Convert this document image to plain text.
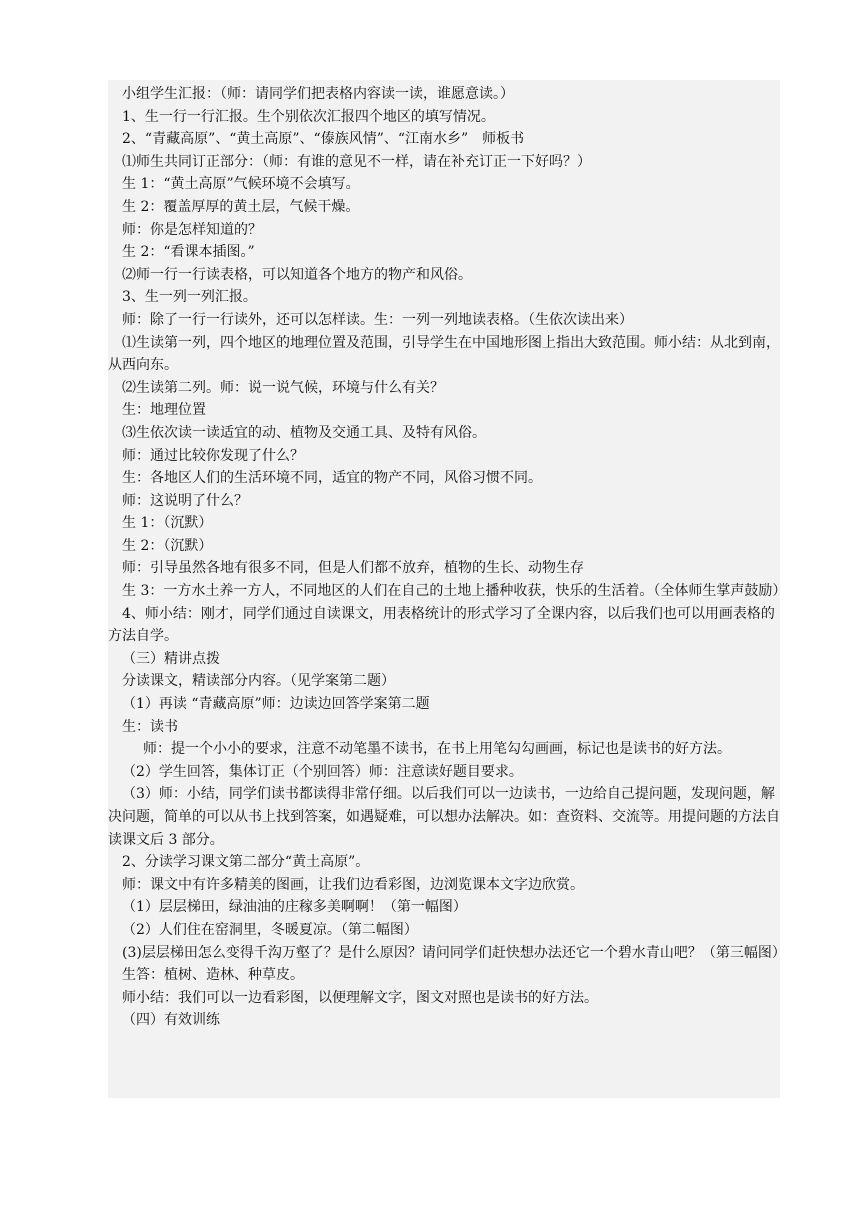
小组学生汇报：（师：请同学们把表格内容读一读，谁愿意读。）

1、生一行一行汇报。生个别依次汇报四个地区的填写情况。

2、“青藏高原”、“黄土高原”、“傣族风情”、“江南水乡”　师板书

⑴师生共同订正部分：（师：有谁的意见不一样，请在补充订正一下好吗？）

生 1：“黄土高原”气候环境不会填写。

生 2：覆盖厚厚的黄土层，气候干燥。

师：你是怎样知道的？

生 2：“看课本插图。”

⑵师一行一行读表格，可以知道各个地方的物产和风俗。

3、生一列一列汇报。

师：除了一行一行读外，还可以怎样读。生：一列一列地读表格。（生依次读出来）

⑴生读第一列，四个地区的地理位置及范围，引导学生在中国地形图上指出大致范围。师小结：从北到南，从西向东。

⑵生读第二列。师：说一说气候，环境与什么有关？

生：地理位置

⑶生依次读一读适宜的动、植物及交通工具、及特有风俗。

师：通过比较你发现了什么？

生：各地区人们的生活环境不同，适宜的物产不同，风俗习惯不同。

师：这说明了什么？

生 1：（沉默）

生 2：（沉默）

师：引导虽然各地有很多不同，但是人们都不放弃，植物的生长、动物生存

生 3：一方水土养一方人，不同地区的人们在自己的土地上播种收获，快乐的生活着。（全体师生掌声鼓励）

4、师小结：刚才，同学们通过自读课文，用表格统计的形式学习了全课内容，以后我们也可以用画表格的方法自学。

（三）精讲点拨

分读课文，精读部分内容。（见学案第二题）

（1）再读 “青藏高原”师：边读边回答学案第二题

生：读书

师：提一个小小的要求，注意不动笔墨不读书，在书上用笔勾勾画画，标记也是读书的好方法。

（2）学生回答，集体订正（个别回答）师：注意读好题目要求。

（3）师：小结，同学们读书都读得非常仔细。以后我们可以一边读书，一边给自己提问题，发现问题，解决问题，简单的可以从书上找到答案，如遇疑难，可以想办法解决。如：查资料、交流等。用提问题的方法自读课文后 3 部分。

2、分读学习课文第二部分“黄土高原”。

师：课文中有许多精美的图画，让我们边看彩图，边浏览课本文字边欣赏。

（1）层层梯田，绿油油的庄稼多美啊啊！（第一幅图）

（2）人们住在窑洞里，冬暖夏凉。（第二幅图）

(3)层层梯田怎么变得千沟万壑了？是什么原因？请问同学们赶快想办法还它一个碧水青山吧？（第三幅图）

生答：植树、造林、种草皮。

师小结：我们可以一边看彩图，以便理解文字，图文对照也是读书的好方法。

（四）有效训练
